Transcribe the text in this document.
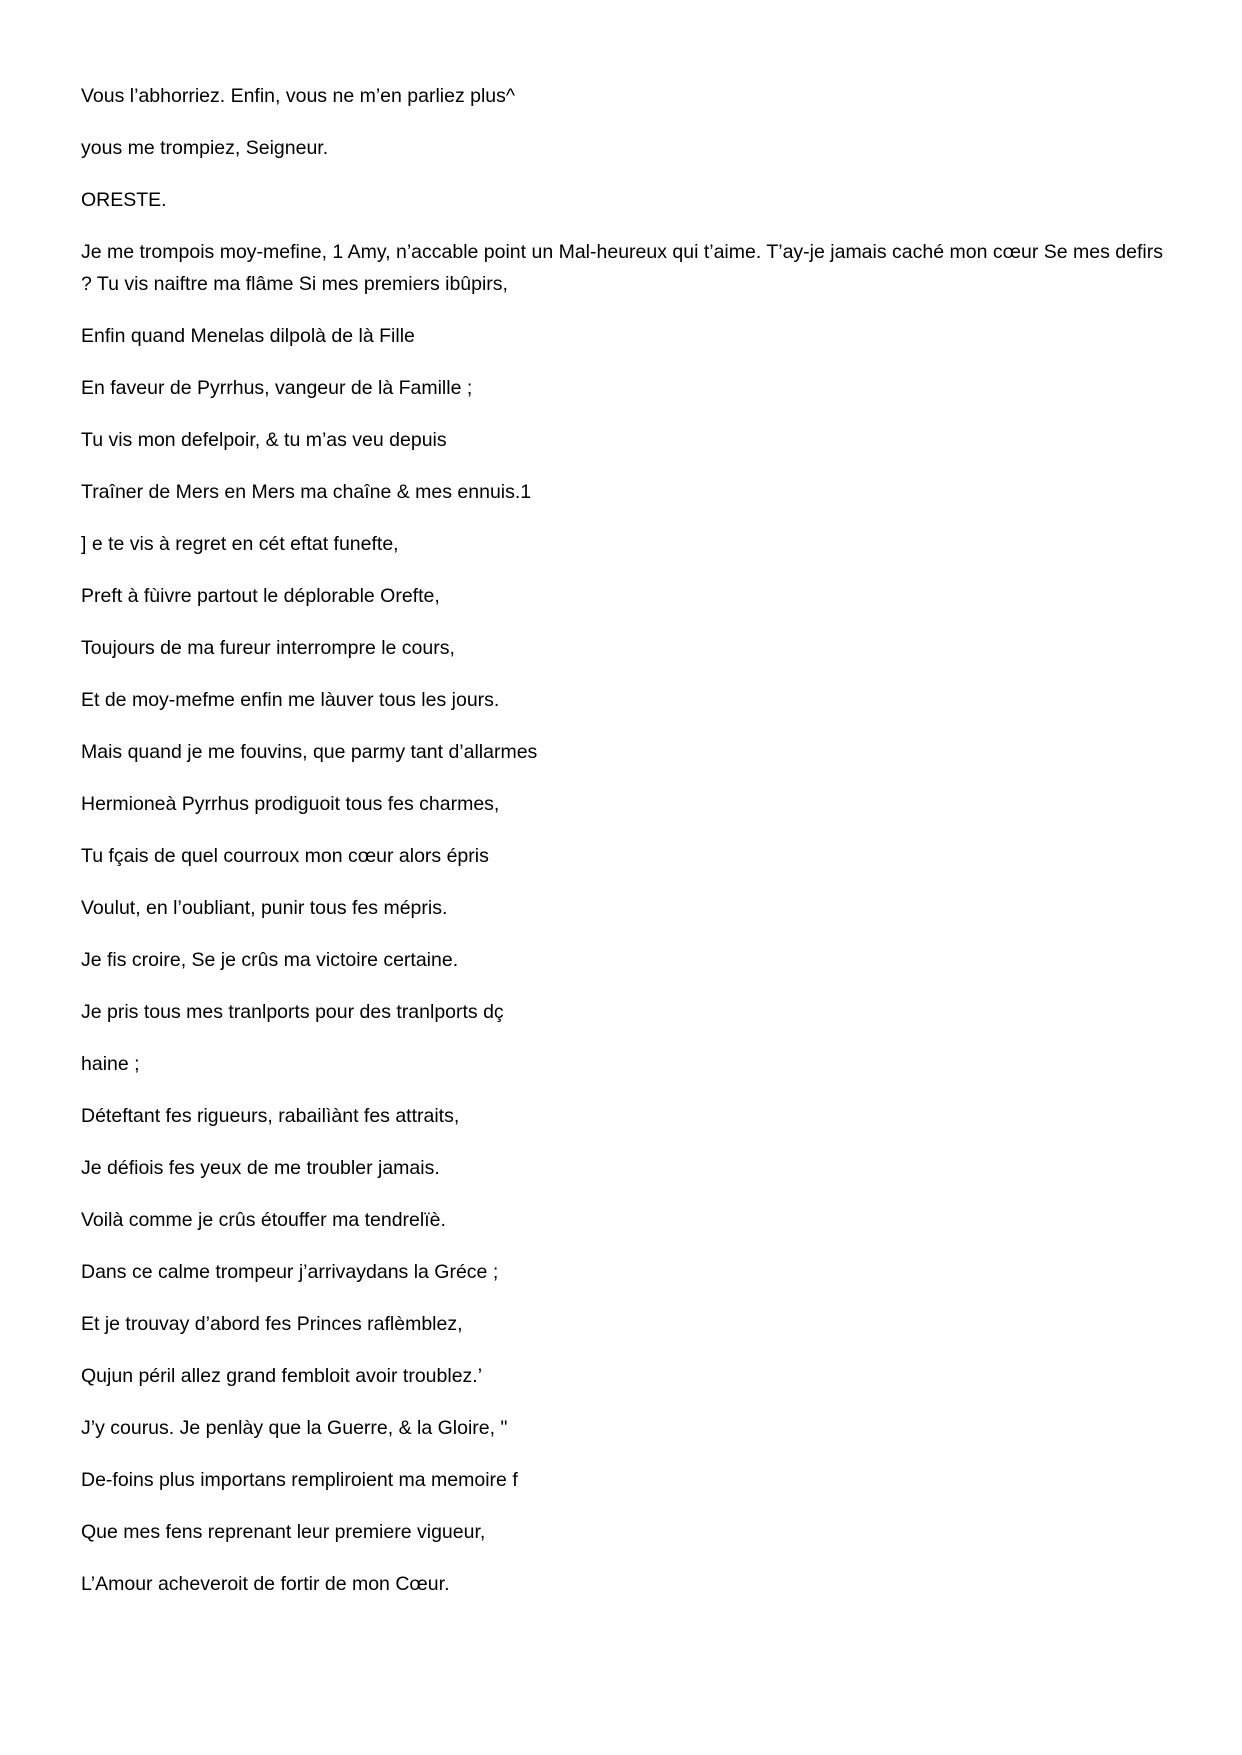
Vous l’abhorriez. Enfin, vous ne m’en parliez plus^

yous me trompiez, Seigneur.

ORESTE.

Je me trompois moy-mefine, 1 Amy, n’accable point un Mal-heureux qui t’aime. T’ay-je jamais caché mon cœur Se mes defirs ? Tu vis naiftre ma flâme Si mes premiers ibûpirs,

Enfin quand Menelas dilpolà de là Fille

En faveur de Pyrrhus, vangeur de là Famille ;

Tu vis mon defelpoir, & tu m’as veu depuis

Traîner de Mers en Mers ma chaîne & mes ennuis.1

] e te vis à regret en cét eftat funefte,

Preft à fùivre partout le déplorable Orefte,

Toujours de ma fureur interrompre le cours,

Et de moy-mefme enfin me làuver tous les jours.

Mais quand je me fouvins, que parmy tant d’allarmes

Hermioneà Pyrrhus prodiguoit tous fes charmes,

Tu fçais de quel courroux mon cœur alors épris

Voulut, en l’oubliant, punir tous fes mépris.

Je fis croire, Se je crûs ma victoire certaine.

Je pris tous mes tranlports pour des tranlports dç

haine ;

Déteftant fes rigueurs, rabailìànt fes attraits,

Je défiois fes yeux de me troubler jamais.

Voilà comme je crûs étouffer ma tendrelïè.

Dans ce calme trompeur j’arrivaydans la Gréce ;

Et je trouvay d’abord fes Princes raflèmblez,

Qujun péril allez grand fembloit avoir troublez.’

J’y courus. Je penlày que la Guerre, & la Gloire, "

De-foins plus importans rempliroient ma memoire f

Que mes fens reprenant leur premiere vigueur,

L’Amour acheveroit de fortir de mon Cœur.
